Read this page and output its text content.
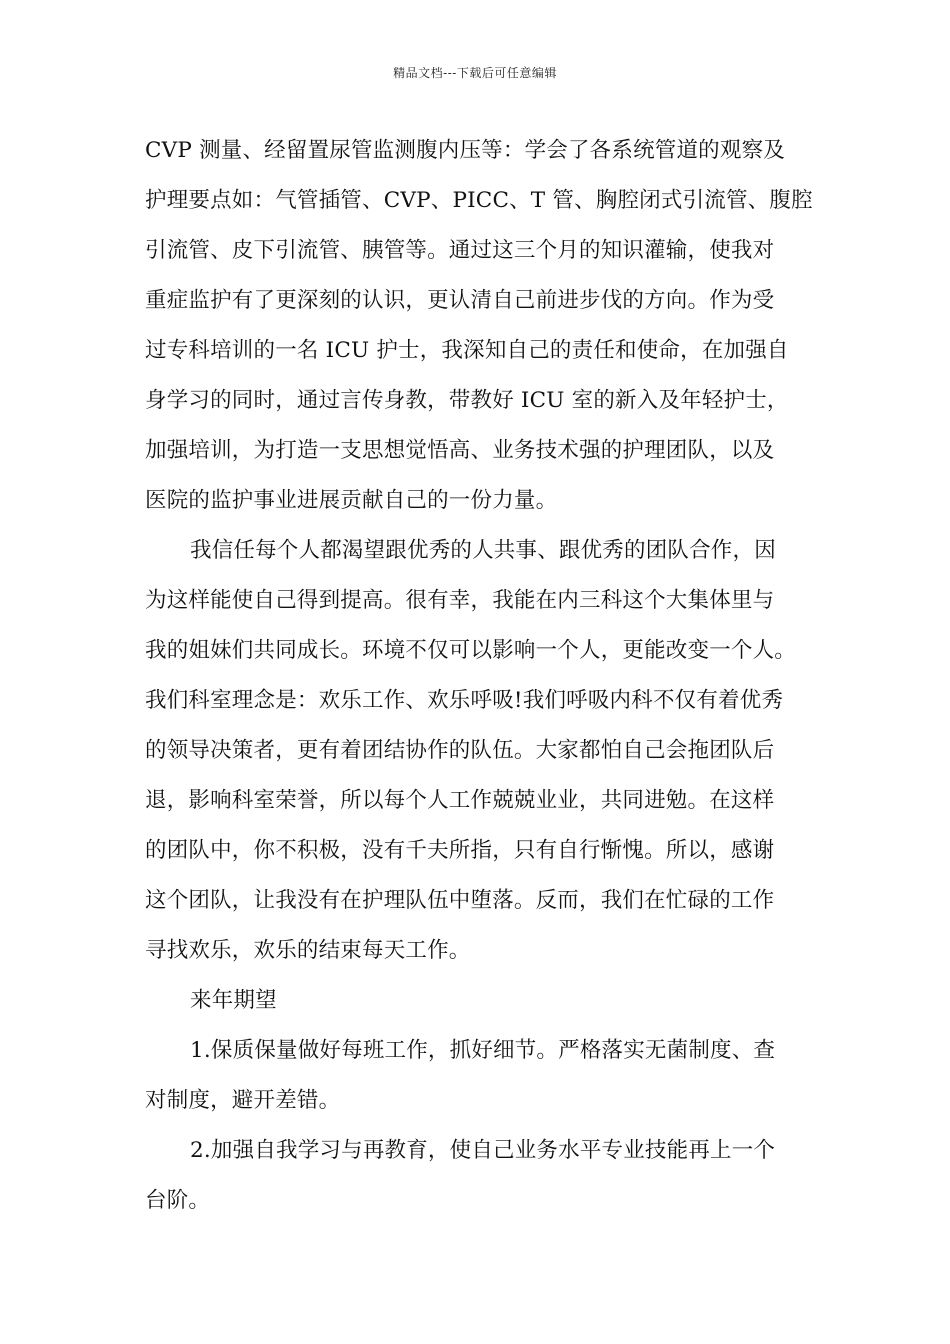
精品文档---下载后可任意编辑
CVP 测量、经留置尿管监测腹内压等：学会了各系统管道的观察及
护理要点如：气管插管、CVP、PICC、T 管、胸腔闭式引流管、腹腔
引流管、皮下引流管、胰管等。通过这三个月的知识灌输，使我对
重症监护有了更深刻的认识，更认清自己前进步伐的方向。作为受
过专科培训的一名 ICU 护士，我深知自己的责任和使命，在加强自
身学习的同时，通过言传身教，带教好 ICU 室的新入及年轻护士，
加强培训，为打造一支思想觉悟高、业务技术强的护理团队，以及
医院的监护事业进展贡献自己的一份力量。
我信任每个人都渴望跟优秀的人共事、跟优秀的团队合作，因
为这样能使自己得到提高。很有幸，我能在内三科这个大集体里与
我的姐妹们共同成长。环境不仅可以影响一个人，更能改变一个人。
我们科室理念是：欢乐工作、欢乐呼吸!我们呼吸内科不仅有着优秀
的领导决策者，更有着团结协作的队伍。大家都怕自己会拖团队后
退，影响科室荣誉，所以每个人工作兢兢业业，共同进勉。在这样
的团队中，你不积极，没有千夫所指，只有自行惭愧。所以，感谢
这个团队，让我没有在护理队伍中堕落。反而，我们在忙碌的工作
寻找欢乐，欢乐的结束每天工作。
来年期望
1.保质保量做好每班工作，抓好细节。严格落实无菌制度、查
对制度，避开差错。
2.加强自我学习与再教育，使自己业务水平专业技能再上一个
台阶。
